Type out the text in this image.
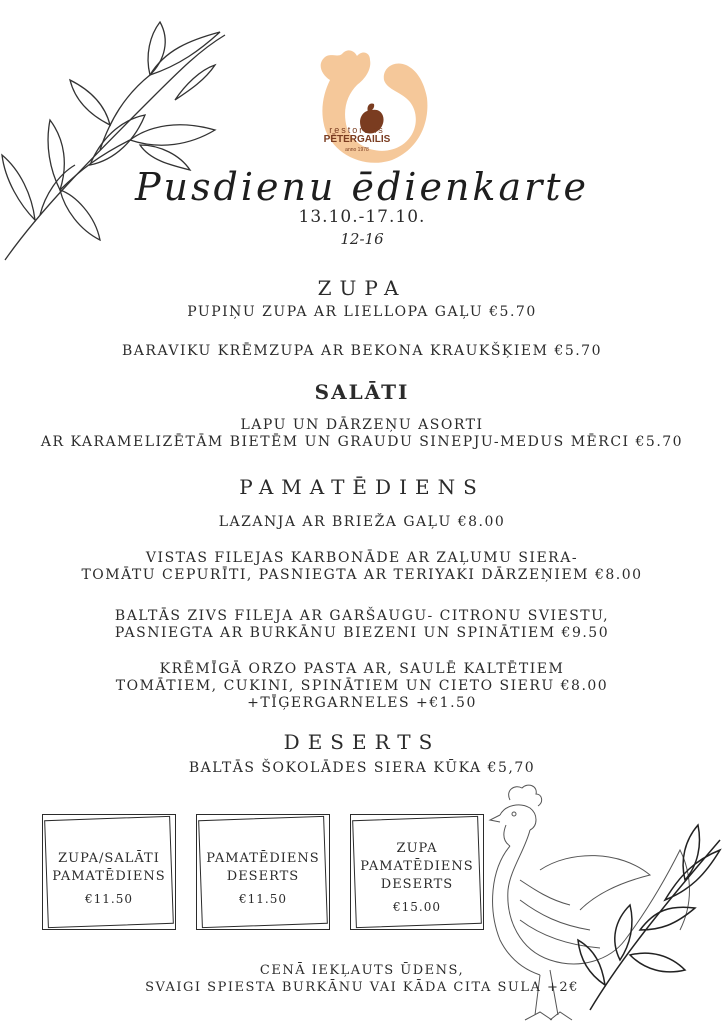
restorāns
PĒTERGAILIS
anno 1978
Pusdienu ēdienkarte
13.10.-17.10.
12-16
ZUPA
PUPIŅU ZUPA AR LIELLOPA GAĻU €5.70
BARAVIKU KRĒMZUPA AR BEKONA KRAUKŠĶIEM €5.70
SALĀTI
LAPU UN DĀRZEŅU ASORTI
AR KARAMELIZĒTĀM BIETĒM UN GRAUDU SINEPJU-MEDUS MĒRCI €5.70
PAMATĒDIENS
LAZANJA AR BRIEŽA GAĻU €8.00
VISTAS FILEJAS KARBONĀDE AR ZAĻUMU SIERA-
TOMĀTU CEPURĪTI, PASNIEGTA AR TERIYAKI DĀRZEŅIEM €8.00
BALTĀS ZIVS FILEJA AR GARŠAUGU- CITRONU SVIESTU,
PASNIEGTA AR BURKĀNU BIEZENI UN SPINĀTIEM €9.50
KRĒMĪGĀ ORZO PASTA AR, SAULĒ KALTĒTIEM
TOMĀTIEM, CUKINI, SPINĀTIEM UN CIETO SIERU €8.00
+TĪĢERGARNELES +€1.50
DESERTS
BALTĀS ŠOKOLĀDES SIERA KŪKA €5,70
ZUPA/SALĀTI
PAMATĒDIENS

€11.50
PAMATĒDIENS
DESERTS

€11.50
ZUPA
PAMATĒDIENS
DESERTS

€15.00
CENĀ IEKĻAUTS ŪDENS,
SVAIGI SPIESTA BURKĀNU VAI KĀDA CITA SULA +2€
